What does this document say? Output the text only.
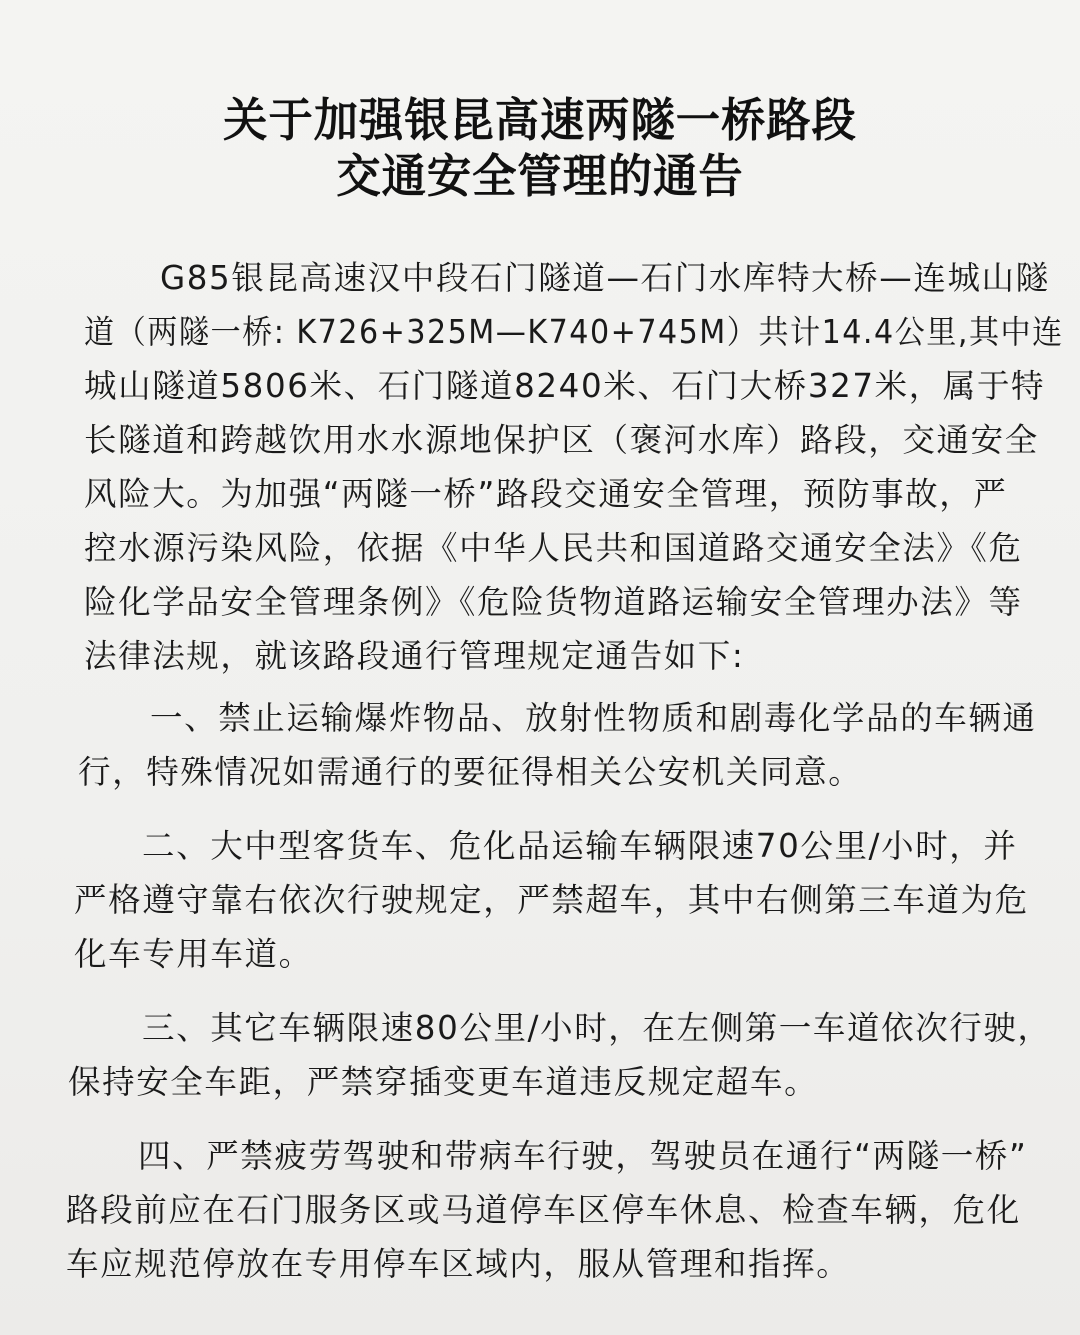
关于加强银昆高速两隧一桥路段
交通安全管理的通告
G85银昆高速汉中段石门隧道—石门水库特大桥—连城山隧
道（两隧一桥: K726+325M—K740+745M）共计14.4公里,其中连
城山隧道5806米、石门隧道8240米、石门大桥327米，属于特
长隧道和跨越饮用水水源地保护区（褒河水库）路段，交通安全
风险大。为加强“两隧一桥”路段交通安全管理，预防事故，严
控水源污染风险，依据《中华人民共和国道路交通安全法》《危
险化学品安全管理条例》《危险货物道路运输安全管理办法》等
法律法规，就该路段通行管理规定通告如下:
一、禁止运输爆炸物品、放射性物质和剧毒化学品的车辆通
行，特殊情况如需通行的要征得相关公安机关同意。
二、大中型客货车、危化品运输车辆限速70公里/小时，并
严格遵守靠右依次行驶规定，严禁超车，其中右侧第三车道为危
化车专用车道。
三、其它车辆限速80公里/小时，在左侧第一车道依次行驶，
保持安全车距，严禁穿插变更车道违反规定超车。
四、严禁疲劳驾驶和带病车行驶，驾驶员在通行“两隧一桥”
路段前应在石门服务区或马道停车区停车休息、检查车辆，危化
车应规范停放在专用停车区域内，服从管理和指挥。
